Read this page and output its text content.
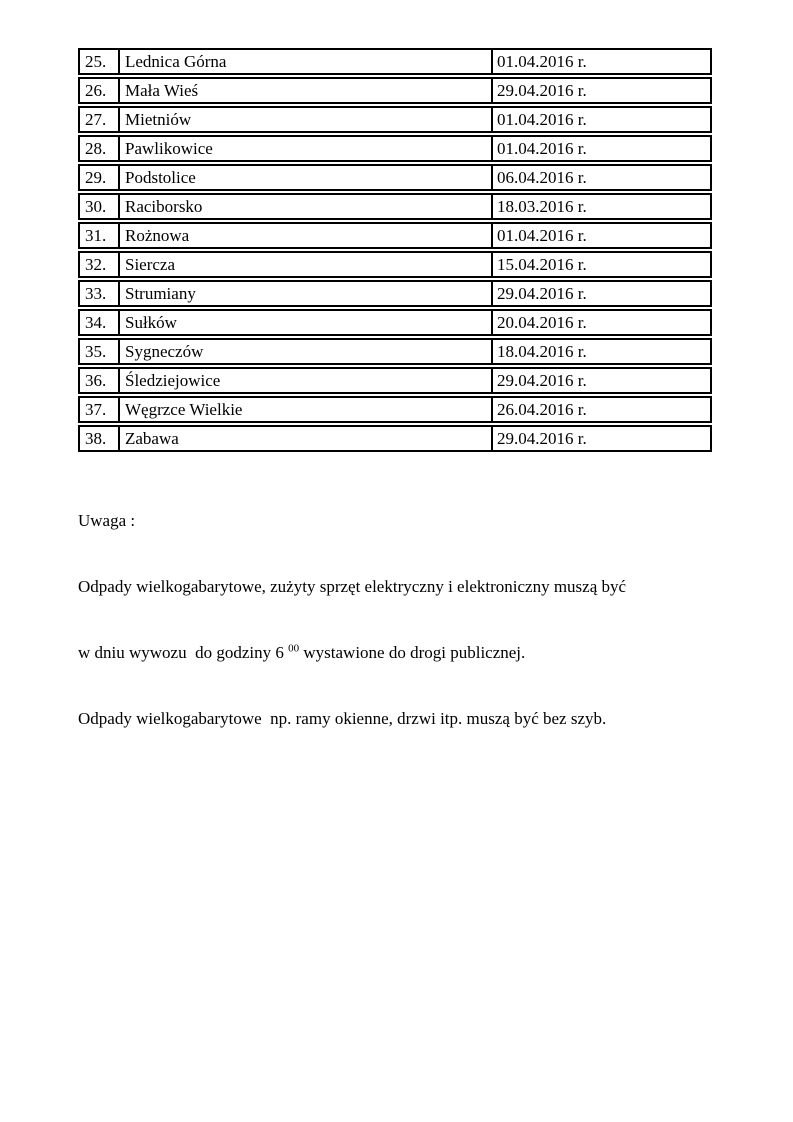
25.	Lednica Górna	01.04.2016 r.
26.	Mała Wieś	29.04.2016 r.
27.	Mietniów	01.04.2016 r.
28.	Pawlikowice	01.04.2016 r.
29.	Podstolice	06.04.2016 r.
30.	Raciborsko	18.03.2016 r.
31.	Rożnowa	01.04.2016 r.
32.	Siercza	15.04.2016 r.
33.	Strumiany	29.04.2016 r.
34.	Sułków	20.04.2016 r.
35.	Sygneczów	18.04.2016 r.
36.	Śledziejowice	29.04.2016 r.
37.	Węgrzce Wielkie	26.04.2016 r.
38.	Zabawa	29.04.2016 r.

Uwaga :

Odpady wielkogabarytowe, zużyty sprzęt elektryczny i elektroniczny muszą być

w dniu wywozu  do godziny 6 $^{00}$ wystawione do drogi publicznej.

Odpady wielkogabarytowe  np. ramy okienne, drzwi itp. muszą być bez szyb.
